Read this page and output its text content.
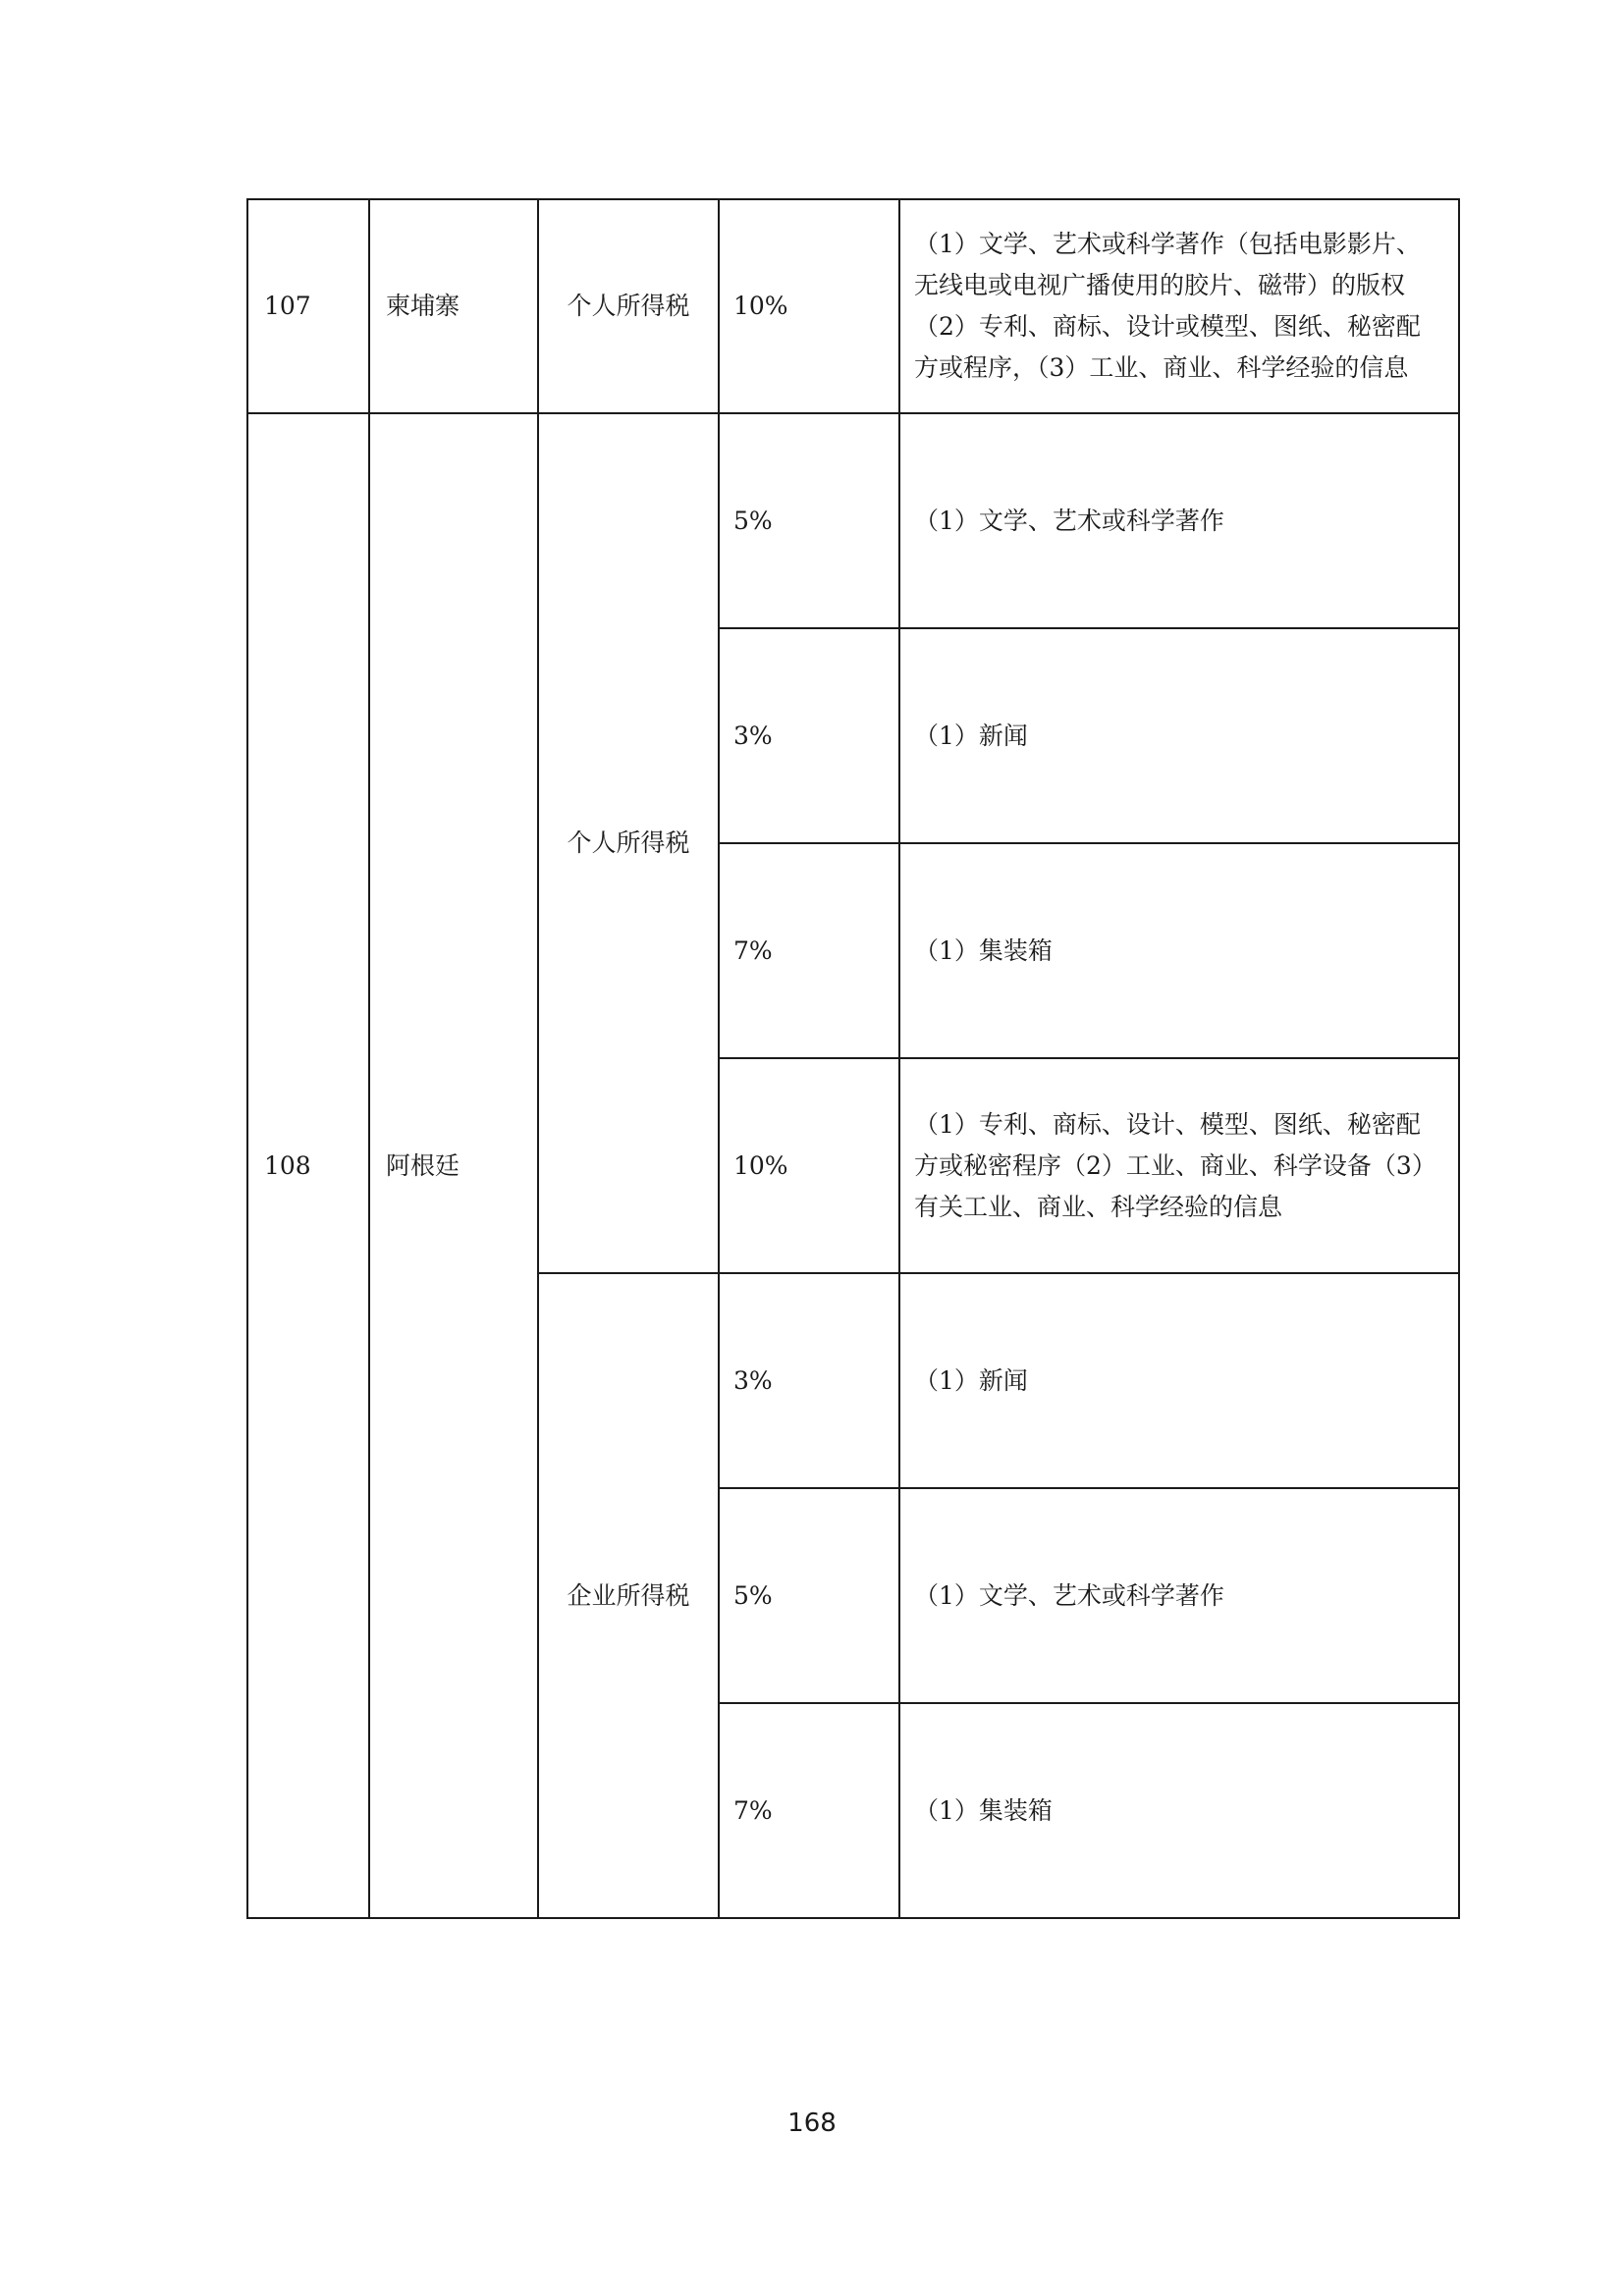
107	柬埔寨	个人所得税	10%	（1）文学、艺术或科学著作（包括电影影片、无线电或电视广播使用的胶片、磁带）的版权（2）专利、商标、设计或模型、图纸、秘密配方或程序，（3）工业、商业、科学经验的信息
108	阿根廷	个人所得税	5%	（1）文学、艺术或科学著作
			3%	（1）新闻
			7%	（1）集装箱
			10%	（1）专利、商标、设计、模型、图纸、秘密配方或秘密程序（2）工业、商业、科学设备（3）有关工业、商业、科学经验的信息
		企业所得税	3%	（1）新闻
			5%	（1）文学、艺术或科学著作
			7%	（1）集装箱
168
